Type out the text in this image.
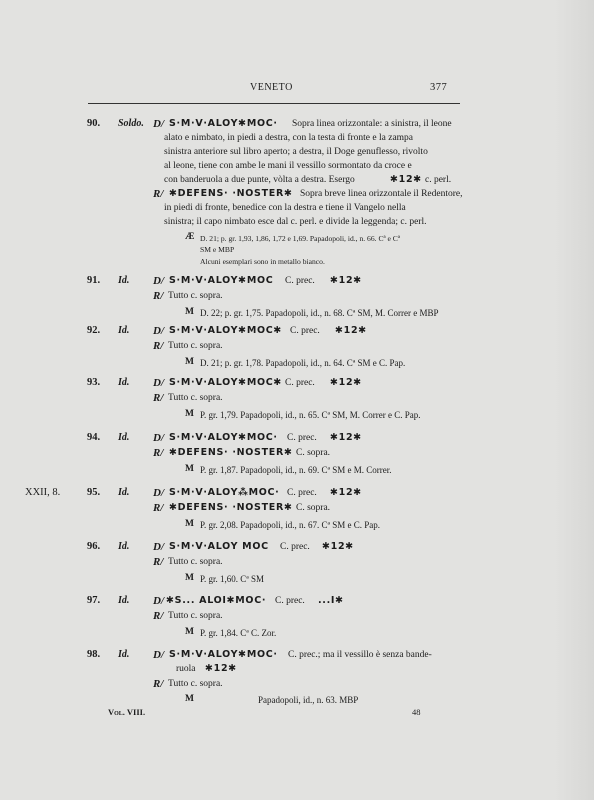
VENETO	377
90. Soldo. D/ S·M·V·ALOY✱MOC· Sopra linea orizzontale: a sinistra, il leone
alato e nimbato, in piedi a destra, con la testa di fronte e la zampa
sinistra anteriore sul libro aperto; a destra, il Doge genuflesso, rivolto
al leone, tiene con ambe le mani il vessillo sormontato da croce e
con banderuola a due punte, vòlta a destra. Esergo	✱12✱ c. perl.
R/ ✱DEFENS· ·NOSTER✱ Sopra breve linea orizzontale il Redentore,
in piedi di fronte, benedice con la destra e tiene il Vangelo nella
sinistra; il capo nimbato esce dal c. perl. e divide la leggenda; c. perl.
Æ D. 21; p. gr. 1,93, 1,86, 1,72 e 1,69. Papadopoli, id., n. 66. Cª e Cª
SM e MBP
Alcuni esemplari sono in metallo bianco.
91. Id. D/ S·M·V·ALOY✱MOC C. prec. ✱12✱
R/ Tutto c. sopra.
M D. 22; p. gr. 1,75. Papadopoli, id., n. 68. Cª SM, M. Correr e MBP
92. Id. D/ S·M·V·ALOY✱MOC✱ C. prec. ✱12✱
R/ Tutto c. sopra.
M D. 21; p. gr. 1,78. Papadopoli, id., n. 64. Cª SM e C. Pap.
93. Id. D/ S·M·V·ALOY✱MOC✱ C. prec. ✱12✱
R/ Tutto c. sopra.
M P. gr. 1,79. Papadopoli, id., n. 65. Cª SM, M. Correr e C. Pap.
94. Id. D/ S·M·V·ALOY✱MOC· C. prec. ✱12✱
R/ ✱DEFENS· ·NOSTER✱ C. sopra.
M P. gr. 1,87. Papadopoli, id., n. 69. Cª SM e M. Correr.
XXII, 8.	95. Id. D/ S·M·V·ALOY⁂MOC· C. prec. ✱12✱
R/ ✱DEFENS· ·NOSTER✱ C. sopra.
M P. gr. 2,08. Papadopoli, id., n. 67. Cª SM e C. Pap.
96. Id. D/ S·M·V·ALOY MOC C. prec. ✱12✱
R/ Tutto c. sopra.
M P. gr. 1,60. Cª SM
97. Id. D/ ✱S... ALOI✱MOC· C. prec. ...I✱
R/ Tutto c. sopra.
M P. gr. 1,84. Cª C. Zor.
98. Id. D/ S·M·V·ALOY✱MOC· C. prec.; ma il vessillo è senza bande-
ruola ✱12✱
R/ Tutto c. sopra.
M	Papadopoli, id., n. 63. MBP
Vol. VIII.	48
